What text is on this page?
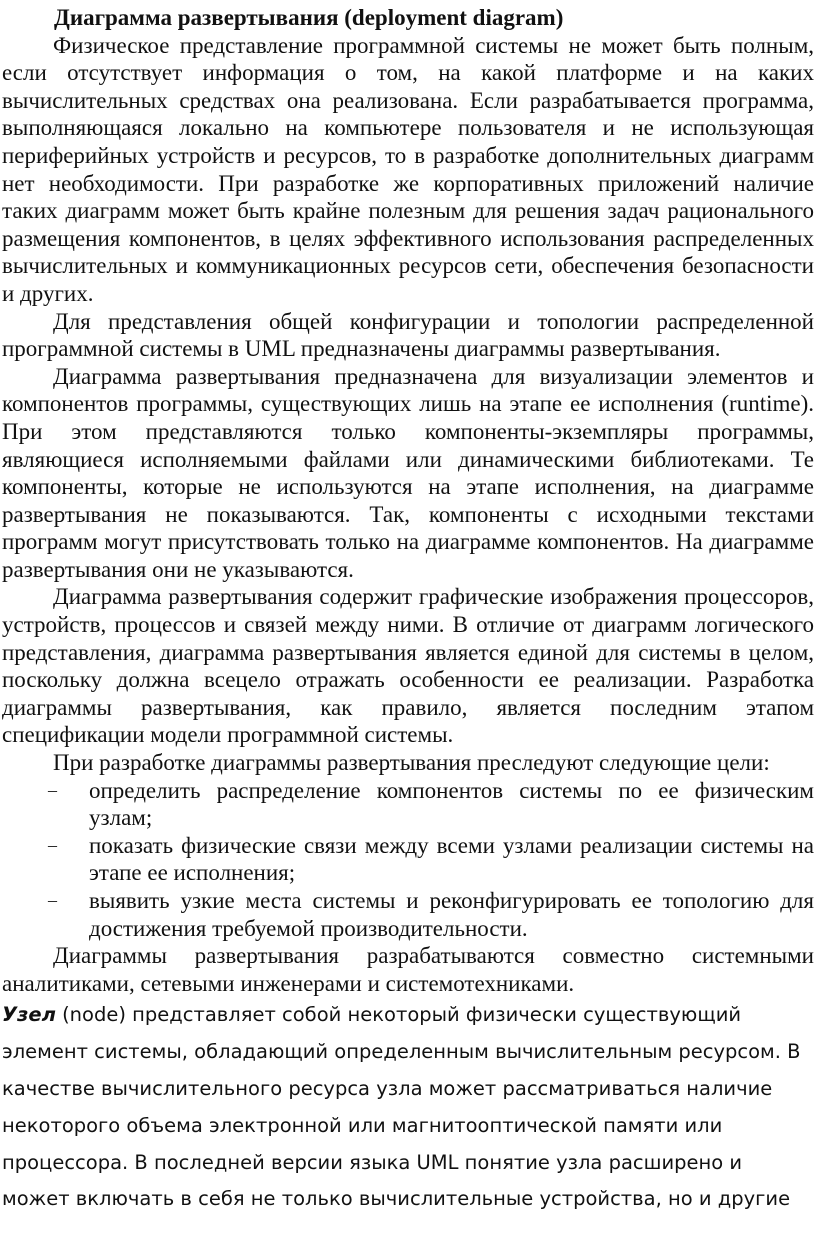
Диаграмма развертывания (deployment diagram)

Физическое представление программной системы не может быть полным, если отсутствует информация о том, на какой платформе и на каких вычислительных средствах она реализована. Если разрабатывается программа, выполняющаяся локально на компьютере пользователя и не использующая периферийных устройств и ресурсов, то в разработке дополнительных диаграмм нет необходимости. При разработке же корпоративных приложений наличие таких диаграмм может быть крайне полезным для решения задач рационального размещения компонентов, в целях эффективного использования распределенных вычислительных и коммуникационных ресурсов сети, обеспечения безопасности и других.

Для представления общей конфигурации и топологии распределенной программной системы в UML предназначены диаграммы развертывания.

Диаграмма развертывания предназначена для визуализации элементов и компонентов программы, существующих лишь на этапе ее исполнения (runtime). При этом представляются только компоненты-экземпляры программы, являющиеся исполняемыми файлами или динамическими библиотеками. Те компоненты, которые не используются на этапе исполнения, на диаграмме развертывания не показываются. Так, компоненты с исходными текстами программ могут присутствовать только на диаграмме компонентов. На диаграмме развертывания они не указываются.

Диаграмма развертывания содержит графические изображения процессоров, устройств, процессов и связей между ними. В отличие от диаграмм логического представления, диаграмма развертывания является единой для системы в целом, поскольку должна всецело отражать особенности ее реализации. Разработка диаграммы развертывания, как правило, является последним этапом спецификации модели программной системы.

При разработке диаграммы развертывания преследуют следующие цели:

– определить распределение компонентов системы по ее физическим узлам;
– показать физические связи между всеми узлами реализации системы на этапе ее исполнения;
– выявить узкие места системы и реконфигурировать ее топологию для достижения требуемой производительности.

Диаграммы развертывания разрабатываются совместно системными аналитиками, сетевыми инженерами и системотехниками.

Узел (node) представляет собой некоторый физически существующий элемент системы, обладающий определенным вычислительным ресурсом. В качестве вычислительного ресурса узла может рассматриваться наличие некоторого объема электронной или магнитооптической памяти или процессора. В последней версии языка UML понятие узла расширено и может включать в себя не только вычислительные устройства, но и другие
